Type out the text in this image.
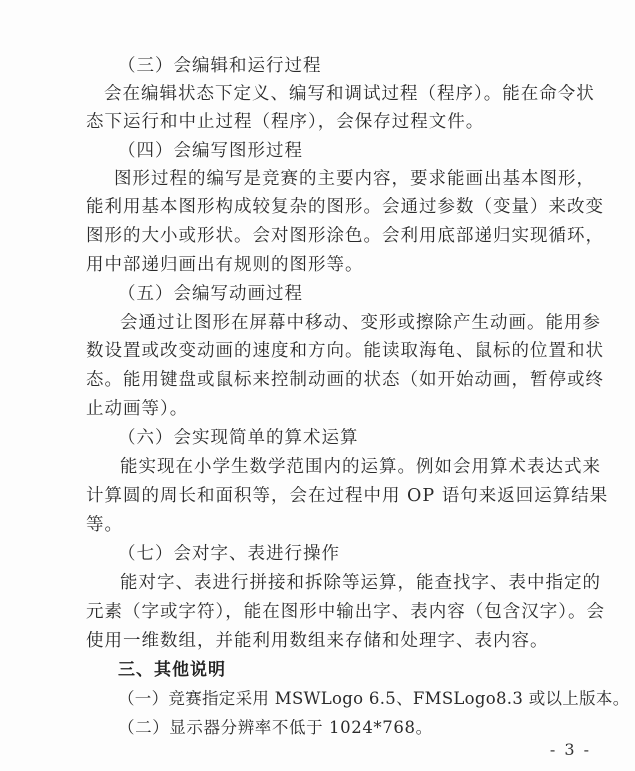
（三）会编辑和运行过程
会在编辑状态下定义、编写和调试过程（程序）。能在命令状
态下运行和中止过程（程序），会保存过程文件。
（四）会编写图形过程
图形过程的编写是竞赛的主要内容，要求能画出基本图形，
能利用基本图形构成较复杂的图形。会通过参数（变量）来改变
图形的大小或形状。会对图形涂色。会利用底部递归实现循环，
用中部递归画出有规则的图形等。
（五）会编写动画过程
会通过让图形在屏幕中移动、变形或擦除产生动画。能用参
数设置或改变动画的速度和方向。能读取海龟、鼠标的位置和状
态。能用键盘或鼠标来控制动画的状态（如开始动画，暂停或终
止动画等）。
（六）会实现简单的算术运算
能实现在小学生数学范围内的运算。例如会用算术表达式来
计算圆的周长和面积等，会在过程中用 OP 语句来返回运算结果
等。
（七）会对字、表进行操作
能对字、表进行拼接和拆除等运算，能查找字、表中指定的
元素（字或字符），能在图形中输出字、表内容（包含汉字）。会
使用一维数组，并能利用数组来存储和处理字、表内容。
三、其他说明
（一）竞赛指定采用 MSWLogo 6.5、FMSLogo8.3 或以上版本。
（二）显示器分辨率不低于 1024*768。
- 3 -
